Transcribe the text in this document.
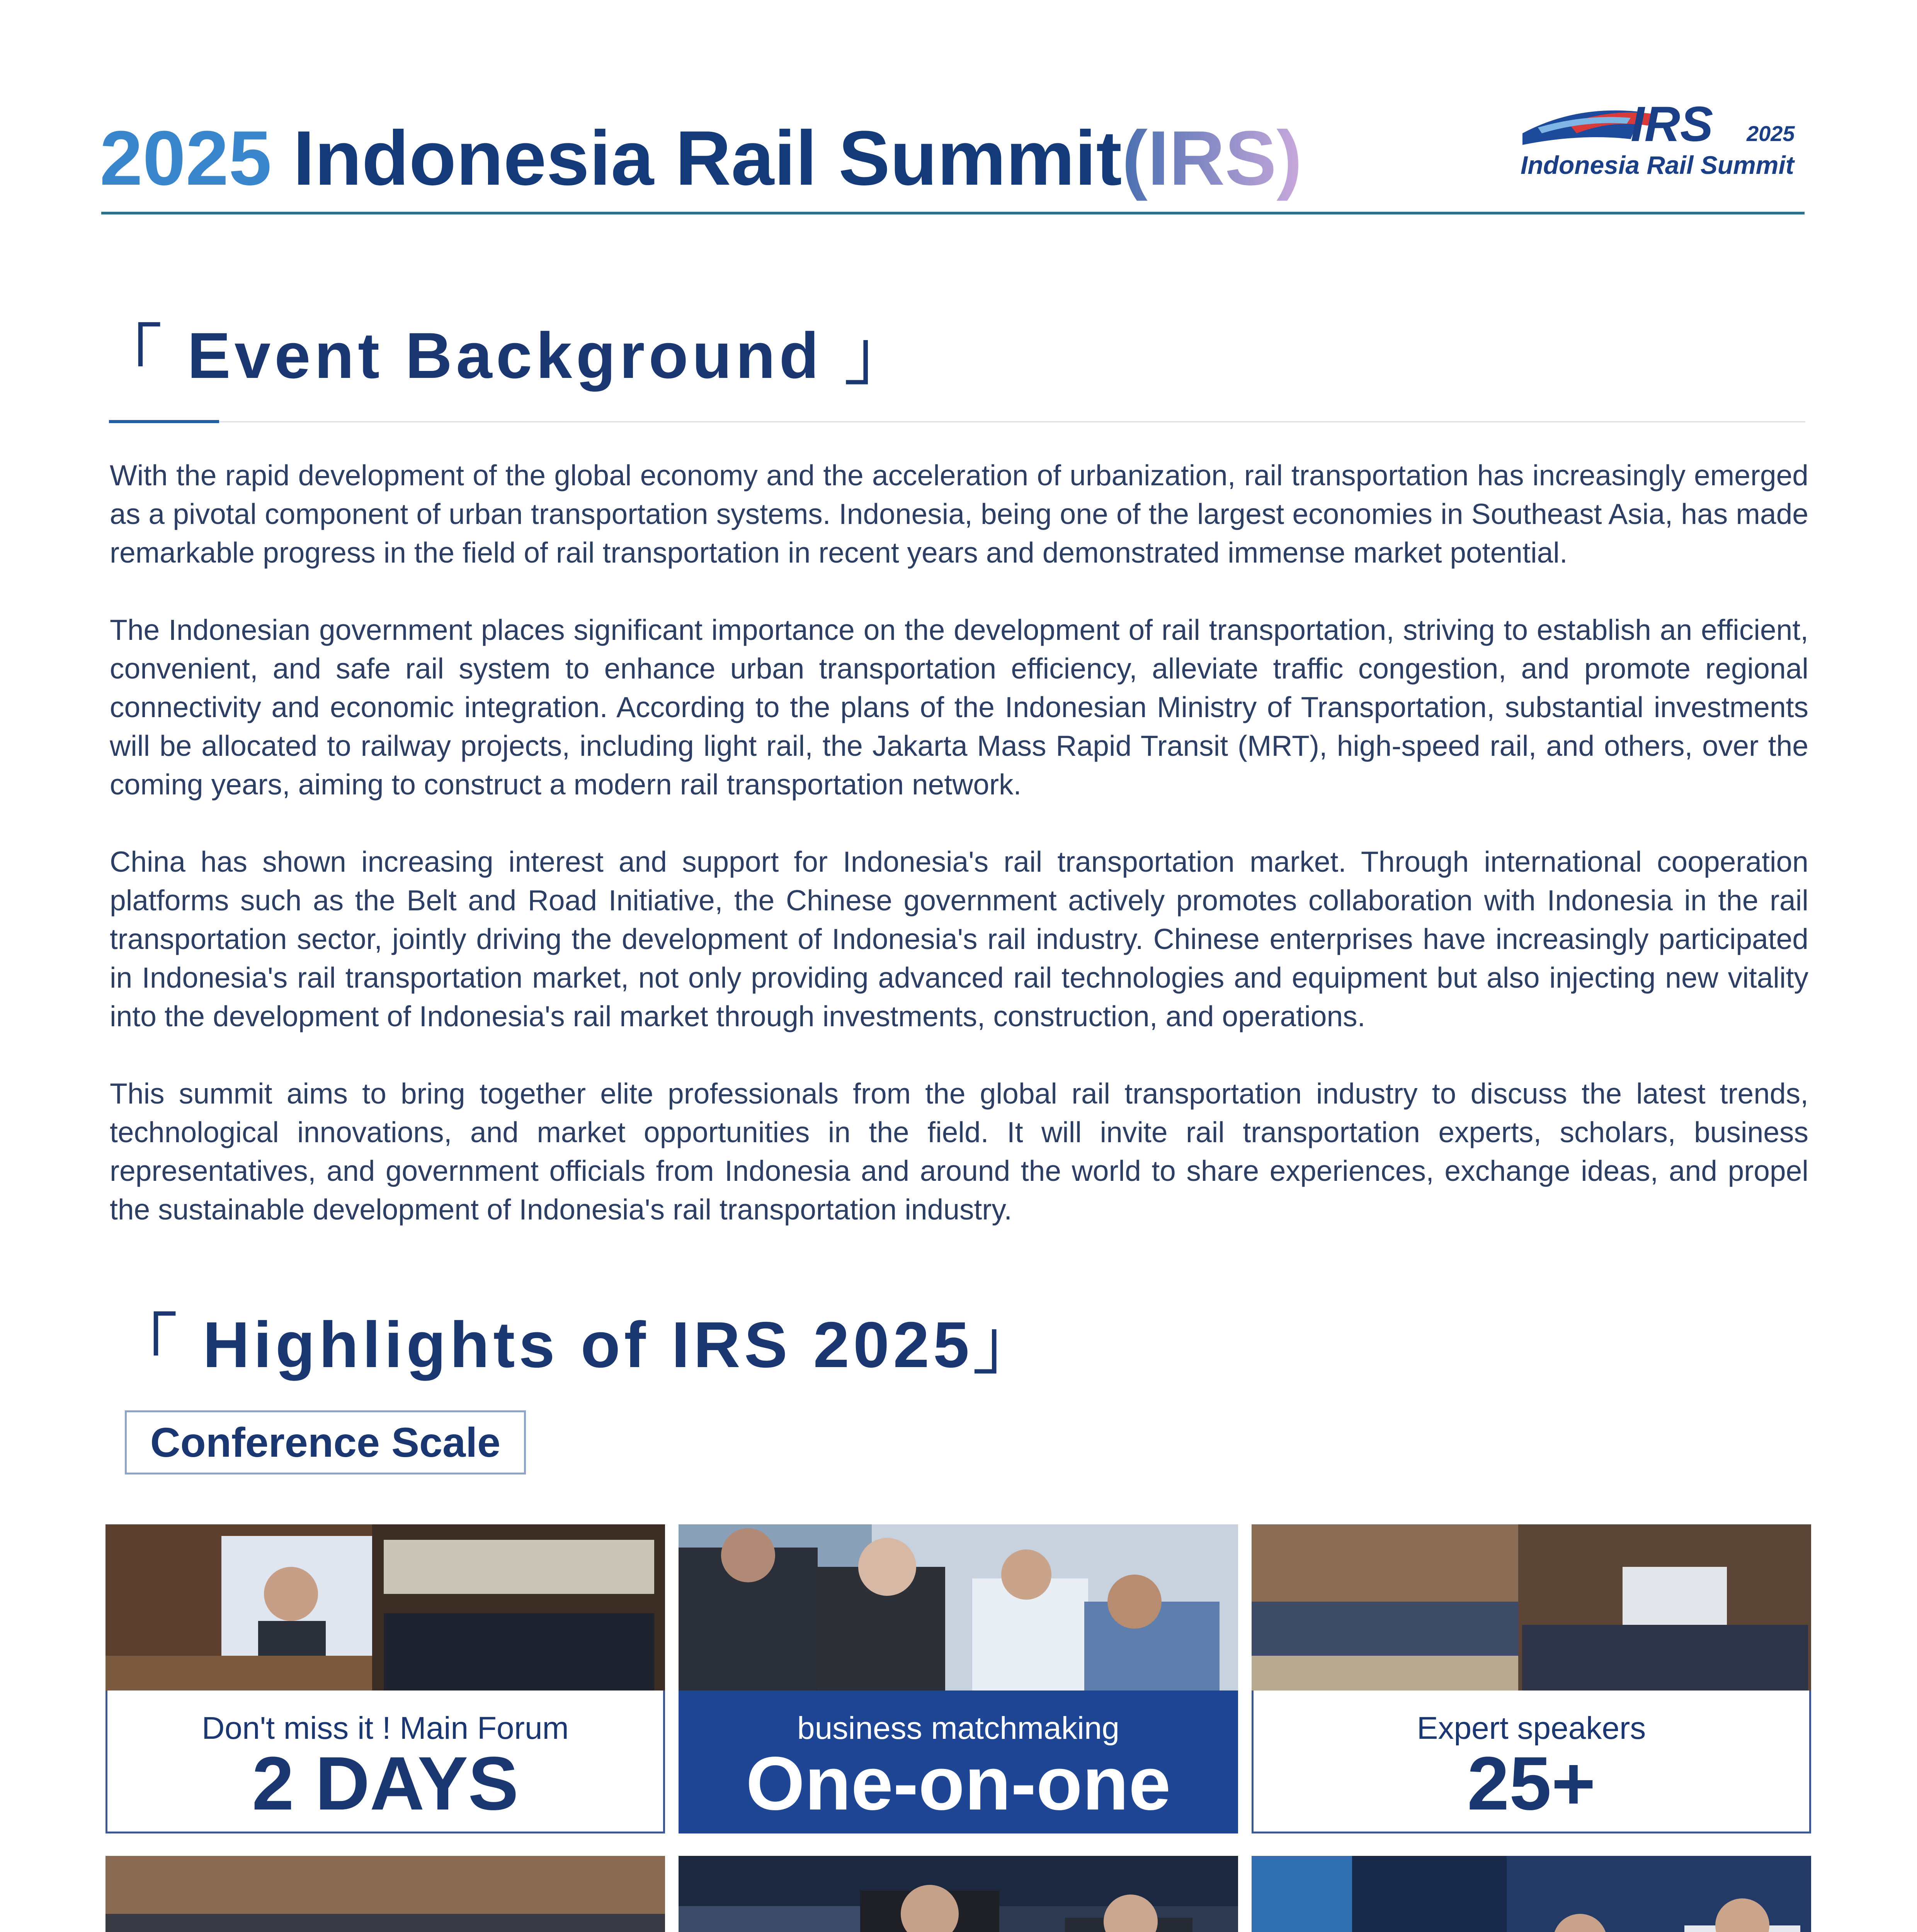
2025 Indonesia Rail Summit(IRS)	IRS 2025
Indonesia Rail Summit
「 Event Background 」

With the rapid development of the global economy and the acceleration of urbanization, rail transportation has increasingly emerged as a pivotal component of urban transportation systems. Indonesia, being one of the largest economies in Southeast Asia, has made remarkable progress in the field of rail transportation in recent years and demonstrated immense market potential.

The Indonesian government places significant importance on the development of rail transportation, striving to establish an efficient, convenient, and safe rail system to enhance urban transportation efficiency, alleviate traffic congestion, and promote regional connectivity and economic integration. According to the plans of the Indonesian Ministry of Transportation, substantial investments will be allocated to railway projects, including light rail, the Jakarta Mass Rapid Transit (MRT), high-speed rail, and others, over the coming years, aiming to construct a modern rail transportation network.

China has shown increasing interest and support for Indonesia's rail transportation market. Through international cooperation platforms such as the Belt and Road Initiative, the Chinese government actively promotes collaboration with Indonesia in the rail transportation sector, jointly driving the development of Indonesia's rail industry. Chinese enterprises have increasingly participated in Indonesia's rail transportation market, not only providing advanced rail technologies and equipment but also injecting new vitality into the development of Indonesia's rail market through investments, construction, and operations.

This summit aims to bring together elite professionals from the global rail transportation industry to discuss the latest trends, technological innovations, and market opportunities in the field. It will invite rail transportation experts, scholars, business representatives, and government officials from Indonesia and around the world to share experiences, exchange ideas, and propel the sustainable development of Indonesia's rail transportation industry.

「 Highlights of IRS 2025」
Conference Scale
Don't miss it ! Main Forum
2 DAYS
business matchmaking
One-on-one
Expert speakers
25+
